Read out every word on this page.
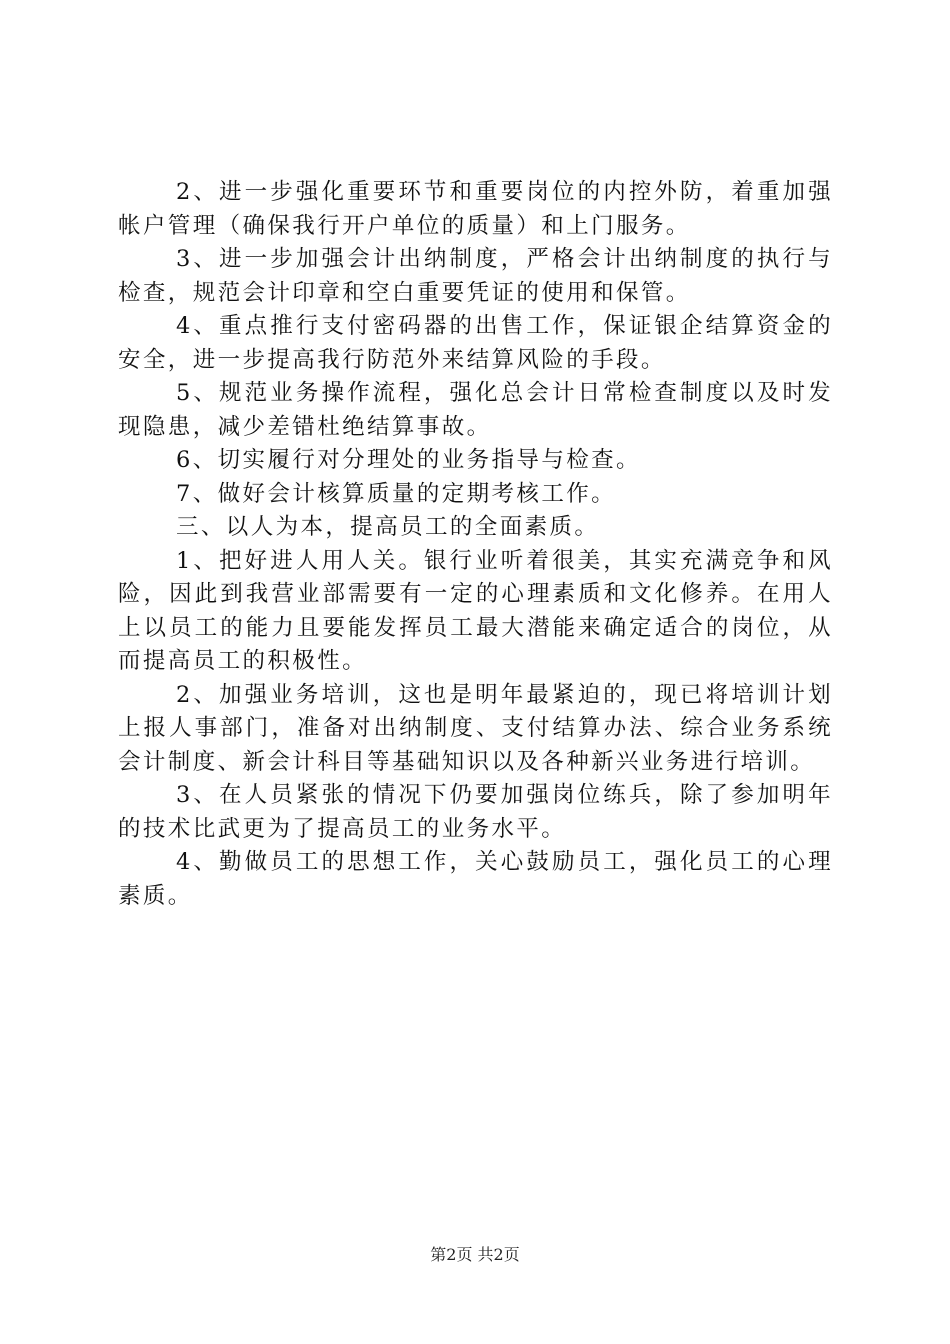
2、进一步强化重要环节和重要岗位的内控外防，着重加强帐户管理（确保我行开户单位的质量）和上门服务。

3、进一步加强会计出纳制度，严格会计出纳制度的执行与检查，规范会计印章和空白重要凭证的使用和保管。

4、重点推行支付密码器的出售工作，保证银企结算资金的安全，进一步提高我行防范外来结算风险的手段。

5、规范业务操作流程，强化总会计日常检查制度以及时发现隐患，减少差错杜绝结算事故。

6、切实履行对分理处的业务指导与检查。

7、做好会计核算质量的定期考核工作。

三、以人为本，提高员工的全面素质。

1、把好进人用人关。银行业听着很美，其实充满竞争和风险，因此到我营业部需要有一定的心理素质和文化修养。在用人上以员工的能力且要能发挥员工最大潜能来确定适合的岗位，从而提高员工的积极性。

2、加强业务培训，这也是明年最紧迫的，现已将培训计划上报人事部门，准备对出纳制度、支付结算办法、综合业务系统会计制度、新会计科目等基础知识以及各种新兴业务进行培训。

3、在人员紧张的情况下仍要加强岗位练兵，除了参加明年的技术比武更为了提高员工的业务水平。

4、勤做员工的思想工作，关心鼓励员工，强化员工的心理素质。

第2页 共2页
